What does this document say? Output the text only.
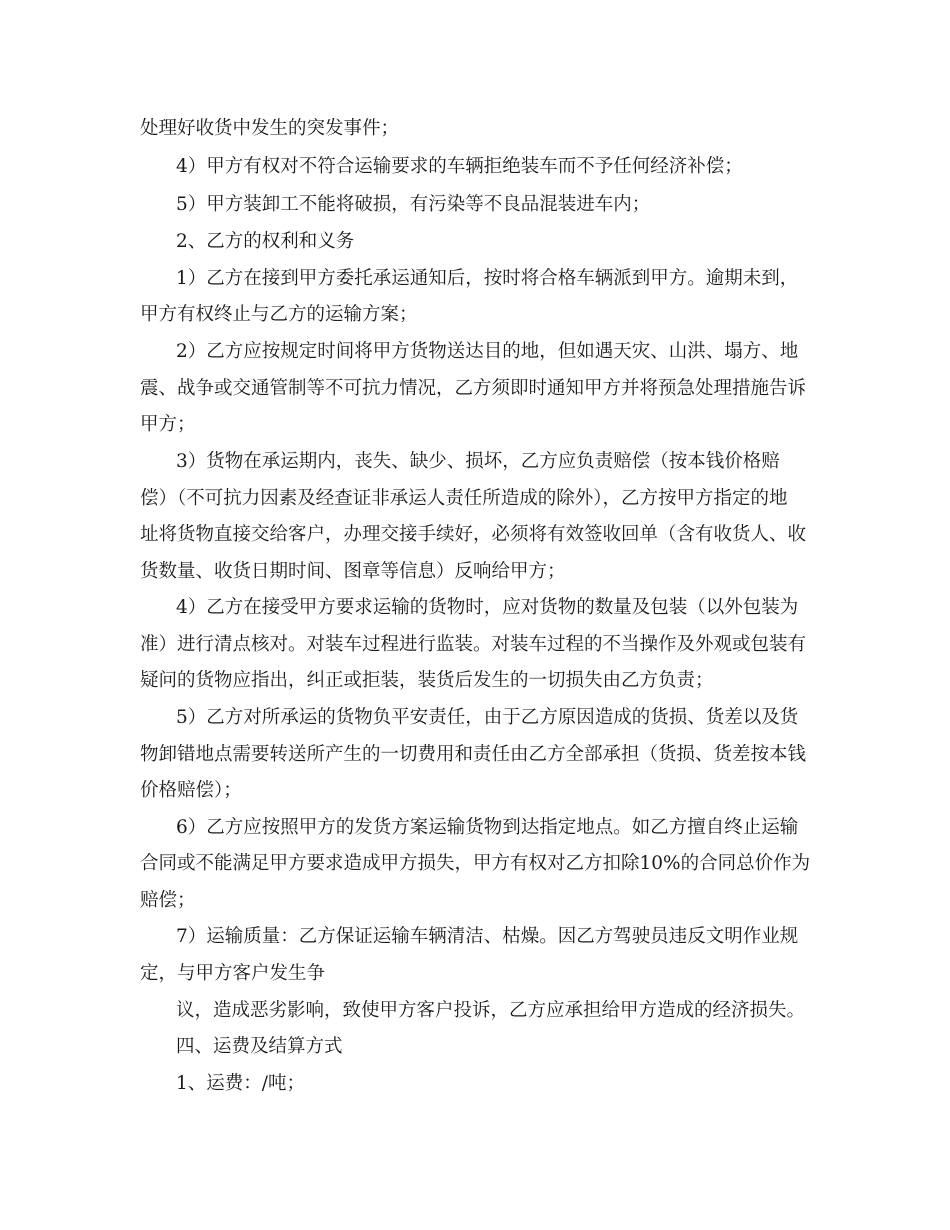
处理好收货中发生的突发事件；
4）甲方有权对不符合运输要求的车辆拒绝装车而不予任何经济补偿；
5）甲方装卸工不能将破损，有污染等不良品混装进车内；
2、乙方的权利和义务
1）乙方在接到甲方委托承运通知后，按时将合格车辆派到甲方。逾期未到，
甲方有权终止与乙方的运输方案；
2）乙方应按规定时间将甲方货物送达目的地，但如遇天灾、山洪、塌方、地
震、战争或交通管制等不可抗力情况，乙方须即时通知甲方并将预急处理措施告诉
甲方；
3）货物在承运期内，丧失、缺少、损坏，乙方应负责赔偿（按本钱价格赔
偿）（不可抗力因素及经查证非承运人责任所造成的除外），乙方按甲方指定的地
址将货物直接交给客户，办理交接手续好，必须将有效签收回单（含有收货人、收
货数量、收货日期时间、图章等信息）反响给甲方；
4）乙方在接受甲方要求运输的货物时，应对货物的数量及包装（以外包装为
准）进行清点核对。对装车过程进行监装。对装车过程的不当操作及外观或包装有
疑问的货物应指出，纠正或拒装，装货后发生的一切损失由乙方负责；
5）乙方对所承运的货物负平安责任，由于乙方原因造成的货损、货差以及货
物卸错地点需要转送所产生的一切费用和责任由乙方全部承担（货损、货差按本钱
价格赔偿）；
6）乙方应按照甲方的发货方案运输货物到达指定地点。如乙方擅自终止运输
合同或不能满足甲方要求造成甲方损失，甲方有权对乙方扣除10%的合同总价作为
赔偿；
7）运输质量：乙方保证运输车辆清洁、枯燥。因乙方驾驶员违反文明作业规
定，与甲方客户发生争
议，造成恶劣影响，致使甲方客户投诉，乙方应承担给甲方造成的经济损失。
四、运费及结算方式
1、运费：/吨；
